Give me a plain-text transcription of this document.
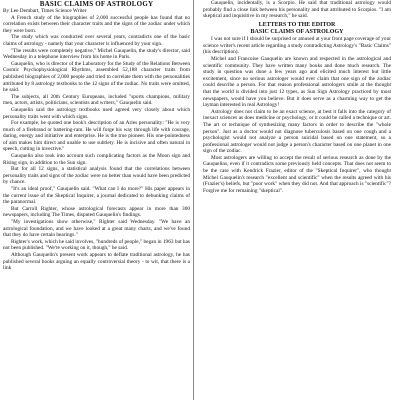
BASIC CLAIMS OF ASTROLOGY
By Lee Dembart, Times Science Writer

A French study of the biographies of 2,000 successful people has found that no correlation exists between their character traits and the signs of the zodiac under which they were born.

The study which was conducted over several years, contradicts one of the basic claims of astrology - namely that your character is influenced by your sign.

"The results were completely negative," Michel Gauquelin, the study's director, said Wednesday in a telephone interview from his home in Paris.

Gauquelin, who is director of the Laboratory for the Study of the Relations Between Cosmic Psychophysiological Rhythms, assembled 52,188 character traits from published biographies of 2,000 people and tried to correlate them with the personalities attributed by 8 astrology textbooks to the 12 signs of the zodiac. No traits were omitted, he said.

The subjects, all 20th Century Europeans, included "sports champions, military men, actors, artists, politicians, scientists and writers," Gauquelin said.

Gauquelin said the astrology textbooks used agreed very closely about which personality traits went with which signs.

For example, he quoted one book's description of an Aries personality: "He is very much of a firebrand or battering-ram. He will forge his way through life with courage, daring, energy and initiative and enterprise. He is the true pioneer. His one-pointedness of aim makes him direct and unable to use subtlety. He is incisive and often natural in speech, cutting in invective."

Gauquelin also took into account such complicating factors as the Moon sign and Rising sign, in addition to the Sun sign.

But for all 12 signs, a statistical analysis found that the correlations between personality traits and signs of the zodiac were no better than would have been predicted by chance.

"It's an ideal proof," Gauquelin said. "What can I do more?" His paper appears in the current issue of the Skeptical Inquirer, a journal dedicated to debunking claims of the paranormal.

But Carroll Righter, whose astrological forecasts appear in more than 300 newspapers, including The Times, disputed Gauquelin's findings.

"My investigations show otherwise," Righter said Wednesday. "We have an astrological foundation, and we have looked at a great many charts, and we've found that they do have certain bearings."

Righter's work, which he said involves, "hundreds of people," began in 1963 but has not been published. "We're working on it, though," he said.

Although Gauquelin's present work appears to deflate traditional astrology, he has published several books arguing an equally controversial theory - to wit, that there is a link

Gauquelin, incidentally, is a Scorpio. He said that traditional astrology would probably find a close link between his personality and that attributed to Scorpios. "I am skeptical and inquisitive in my research," he said.

LETTERS TO THE EDITOR
BASIC CLAIMS OF ASTROLOGY

I was not sure if I should be surprised or amused at your front page coverage of your science writer's recent article regarding a study contradicting Astrology's "Basic Claims" (his description).

Michel and Francoise Gauquelin are known and respected in the astrological and scientific community. They have written many books and done much research. The study in question was done a few years ago and elicited much interest but little excitement, since no serious astrologer would ever claim that one sign of the zodiac could describe a person. For that reason professional astrologers smile at the thought that the world is divided into just 12 types, as Sun Sign Astrology practiced by most newspapers, would have you believe. But it does serve as a charming way to get the layman interested in real Astrology!

Astrology does not claim to be an exact science, at best it falls into the category of inexact sciences as does medicine or psychology, or it could be called a technique or art. The art or technique of synthesizing many factors in order to describe the "whole person". Just as a doctor would not diagnose tuberculosis based on one cough and a psychologist would not analyze a person suicidal based on one statement, so a professional astrologer would not judge a person's character based on one planet in one sign of the zodiac.

Most astrologers are willing to accept the result of serious research as done by the Gauquelins, even if it contradicts some previously held concepts. That does not seem to be the case with Kendrick Frazier, editor of the "Skeptical Inquirer", who thought Michel Gauquelin's research "excellent and scientific" when the results agreed with his (Frazier's) beliefs, but "poor work" when they did not. And that approach is "scientific"? Forgive me for remaining "skeptical".
